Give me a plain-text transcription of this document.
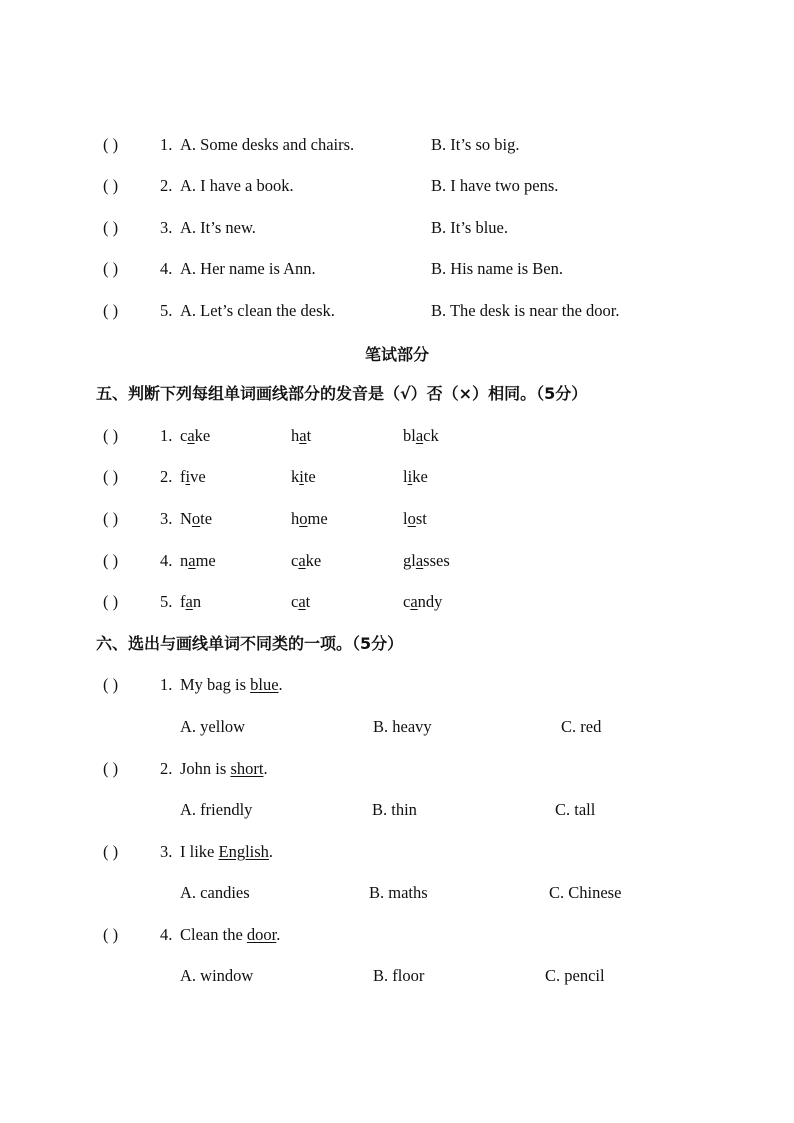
( )	1. A. Some desks and chairs.	B. It’s so big.
( )	2. A. I have a book.	B. I have two pens.
( )	3. A. It’s new.	B. It’s blue.
( )	4. A. Her name is Ann.	B. His name is Ben.
( )	5. A. Let’s clean the desk.	B. The desk is near the door.
笔试部分
五、判断下列每组单词画线部分的发音是（√）否（×）相同。（5分）
( )	1. cake	hat	black
( )	2. five	kite	like
( )	3. Note	home	lost
( )	4. name	cake	glasses
( )	5. fan	cat	candy
六、选出与画线单词不同类的一项。（5分）
( )	1. My bag is blue.
A. yellow	B. heavy	C. red
( )	2. John is short.
A. friendly	B. thin	C. tall
( )	3. I like English.
A. candies	B. maths	C. Chinese
( )	4. Clean the door.
A. window	B. floor	C. pencil
